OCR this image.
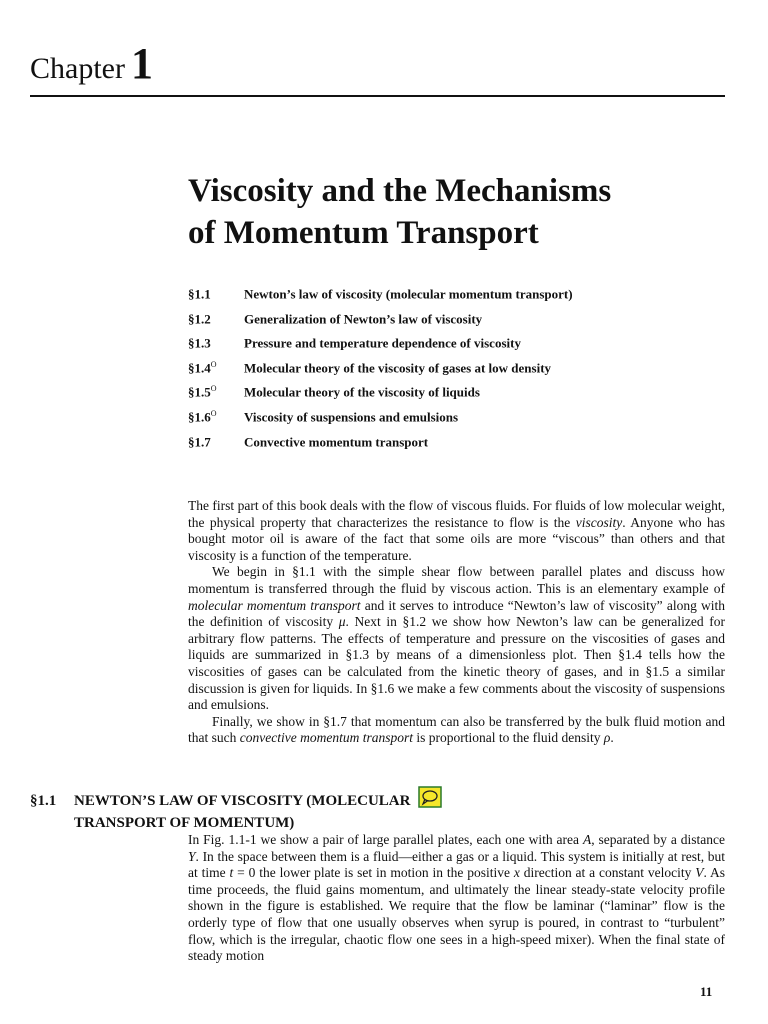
Chapter 1
Viscosity and the Mechanisms
of Momentum Transport
§1.1	Newton’s law of viscosity (molecular momentum transport)
§1.2	Generalization of Newton’s law of viscosity
§1.3	Pressure and temperature dependence of viscosity
$\S 1.4^O$ Molecular theory of the viscosity of gases at low density
$\S 1.5^O$ Molecular theory of the viscosity of liquids
$\S 1.6^O$ Viscosity of suspensions and emulsions
§1.7	Convective momentum transport

The first part of this book deals with the flow of viscous fluids. For fluids of low molecular weight, the physical property that characterizes the resistance to flow is the viscosity. Anyone who has bought motor oil is aware of the fact that some oils are more “viscous” than others and that viscosity is a function of the temperature.

We begin in §1.1 with the simple shear flow between parallel plates and discuss how momentum is transferred through the fluid by viscous action. This is an elementary example of molecular momentum transport and it serves to introduce “Newton’s law of viscosity” along with the definition of viscosity μ. Next in §1.2 we show how Newton’s law can be generalized for arbitrary flow patterns. The effects of temperature and pressure on the viscosities of gases and liquids are summarized in §1.3 by means of a dimensionless plot. Then §1.4 tells how the viscosities of gases can be calculated from the kinetic theory of gases, and in §1.5 a similar discussion is given for liquids. In §1.6 we make a few comments about the viscosity of suspensions and emulsions.

Finally, we show in §1.7 that momentum can also be transferred by the bulk fluid motion and that such convective momentum transport is proportional to the fluid density ρ.

§1.1 NEWTON’S LAW OF VISCOSITY (MOLECULAR
TRANSPORT OF MOMENTUM)
In Fig. 1.1-1 we show a pair of large parallel plates, each one with area A, separated by a distance Y. In the space between them is a fluid—either a gas or a liquid. This system is initially at rest, but at time t = 0 the lower plate is set in motion in the positive x direction at a constant velocity V. As time proceeds, the fluid gains momentum, and ultimately the linear steady-state velocity profile shown in the figure is established. We require that the flow be laminar (“laminar” flow is the orderly type of flow that one usually observes when syrup is poured, in contrast to “turbulent” flow, which is the irregular, chaotic flow one sees in a high-speed mixer). When the final state of steady motion
11
